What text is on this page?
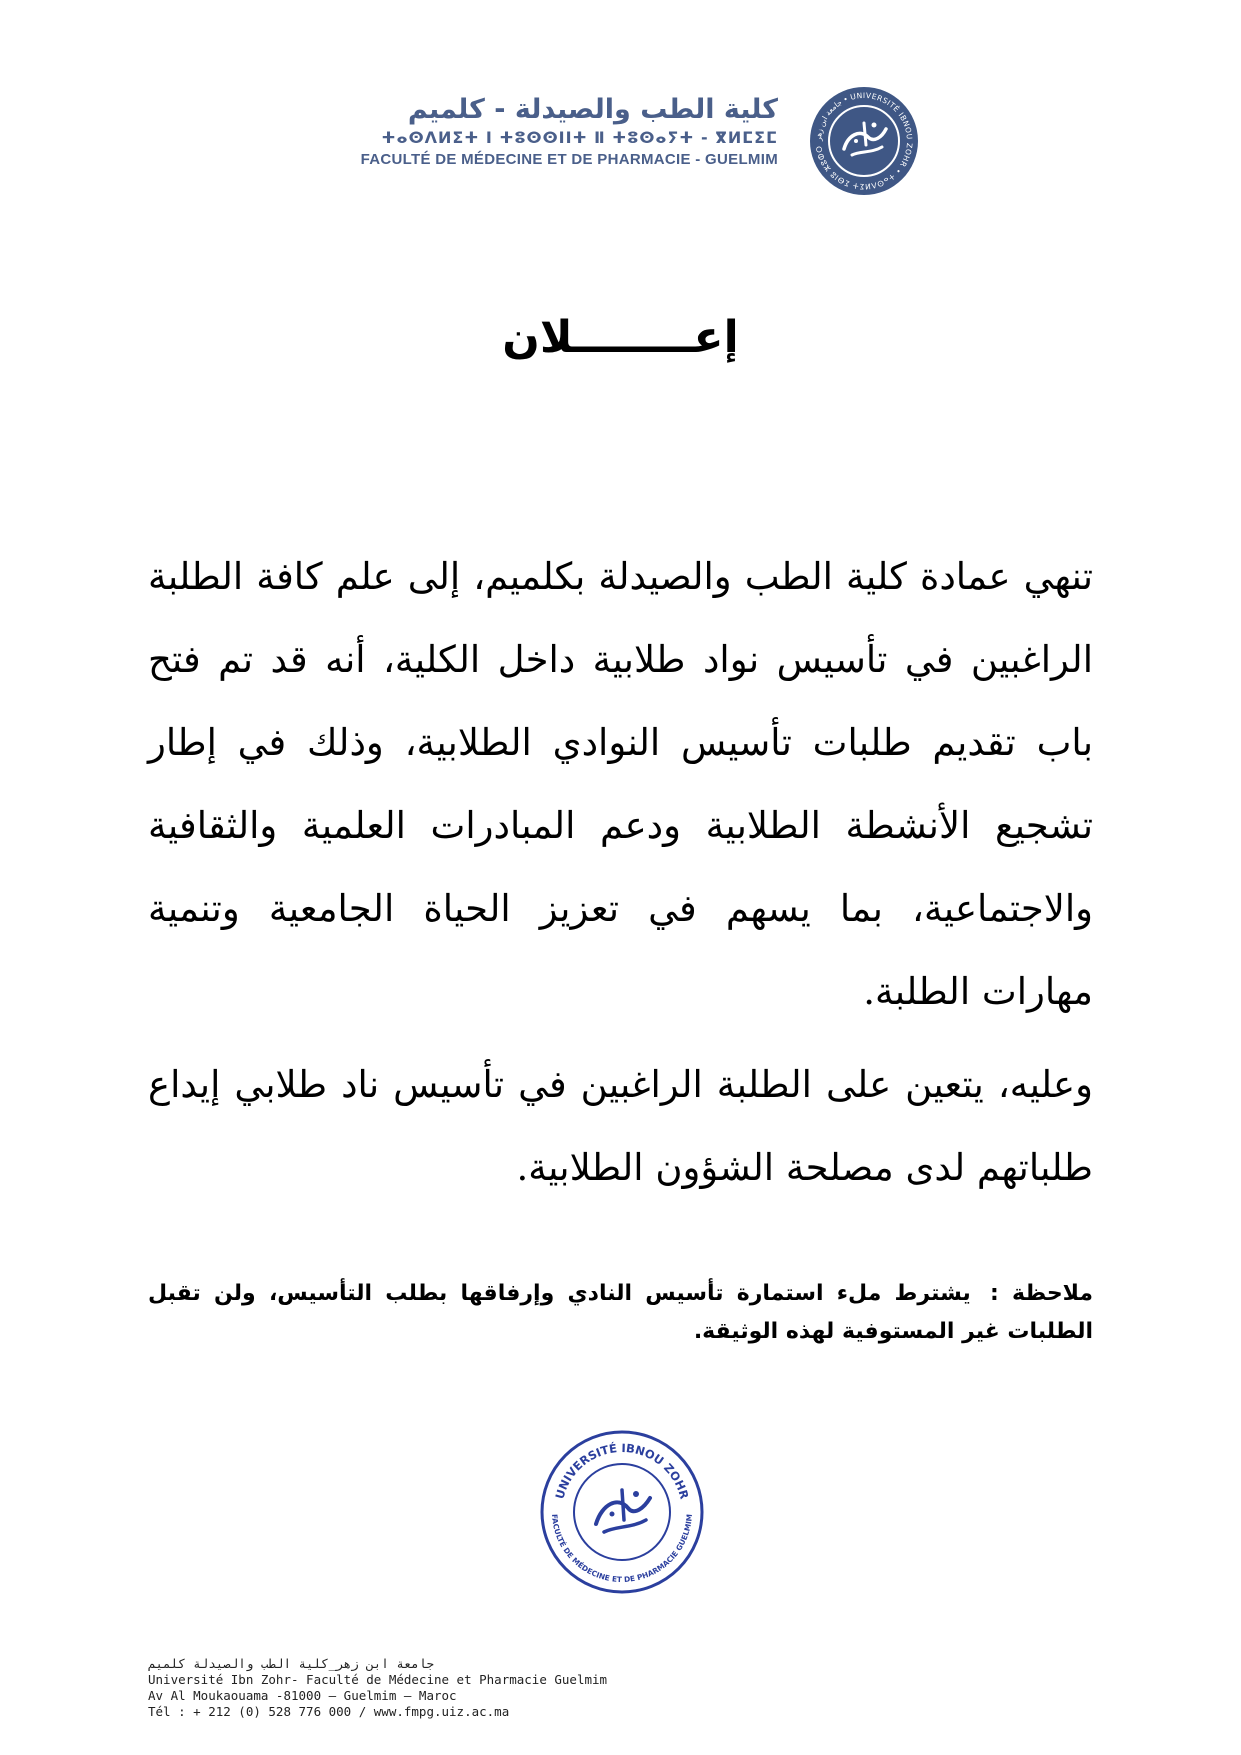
كلية الطب والصيدلة - كلميم
ⵜⴰⵙⴷⵍⵉⵜ Ⅰ ⵜⵓⵙⵙⵏⵏⵜ Ⅱ ⵜⵓⵙⴰⵢⵜ - ⴳⵍⵎⵉⵎ
FACULTÉ DE MÉDECINE ET DE PHARMACIE - GUELMIM
جامعة ابن زهر • UNIVERSITÉ IBNOU ZOHR • ⵜⴰⵙⴷⵍⵉⵜ ⵉⴱⵏⵓ ⵣⵓⵀⵔ
إعــــــــلان

تنهي عمادة كلية الطب والصيدلة بكلميم، إلى علم كافة الطلبة الراغبين في تأسيس نواد طلابية داخل الكلية، أنه قد تم فتح باب تقديم طلبات تأسيس النوادي الطلابية، وذلك في إطار تشجيع الأنشطة الطلابية ودعم المبادرات العلمية والثقافية والاجتماعية، بما يسهم في تعزيز الحياة الجامعية وتنمية مهارات الطلبة.

وعليه، يتعين على الطلبة الراغبين في تأسيس ناد طلابي إيداع طلباتهم لدى مصلحة الشؤون الطلابية.

ملاحظة : يشترط ملء استمارة تأسيس النادي وإرفاقها بطلب التأسيس، ولن تقبل الطلبات غير المستوفية لهذه الوثيقة.
UNIVERSITÉ IBNOU ZOHR
FACULTÉ DE MÉDECINE ET DE PHARMACIE GUELMIM
جامعة ابن زهر_كلية الطب والصيدلة كلميم
Université Ibn Zohr- Faculté de Médecine et Pharmacie Guelmim
Av Al Moukaouama -81000 – Guelmim – Maroc
Tél : + 212 (0) 528 776 000 / www.fmpg.uiz.ac.ma
